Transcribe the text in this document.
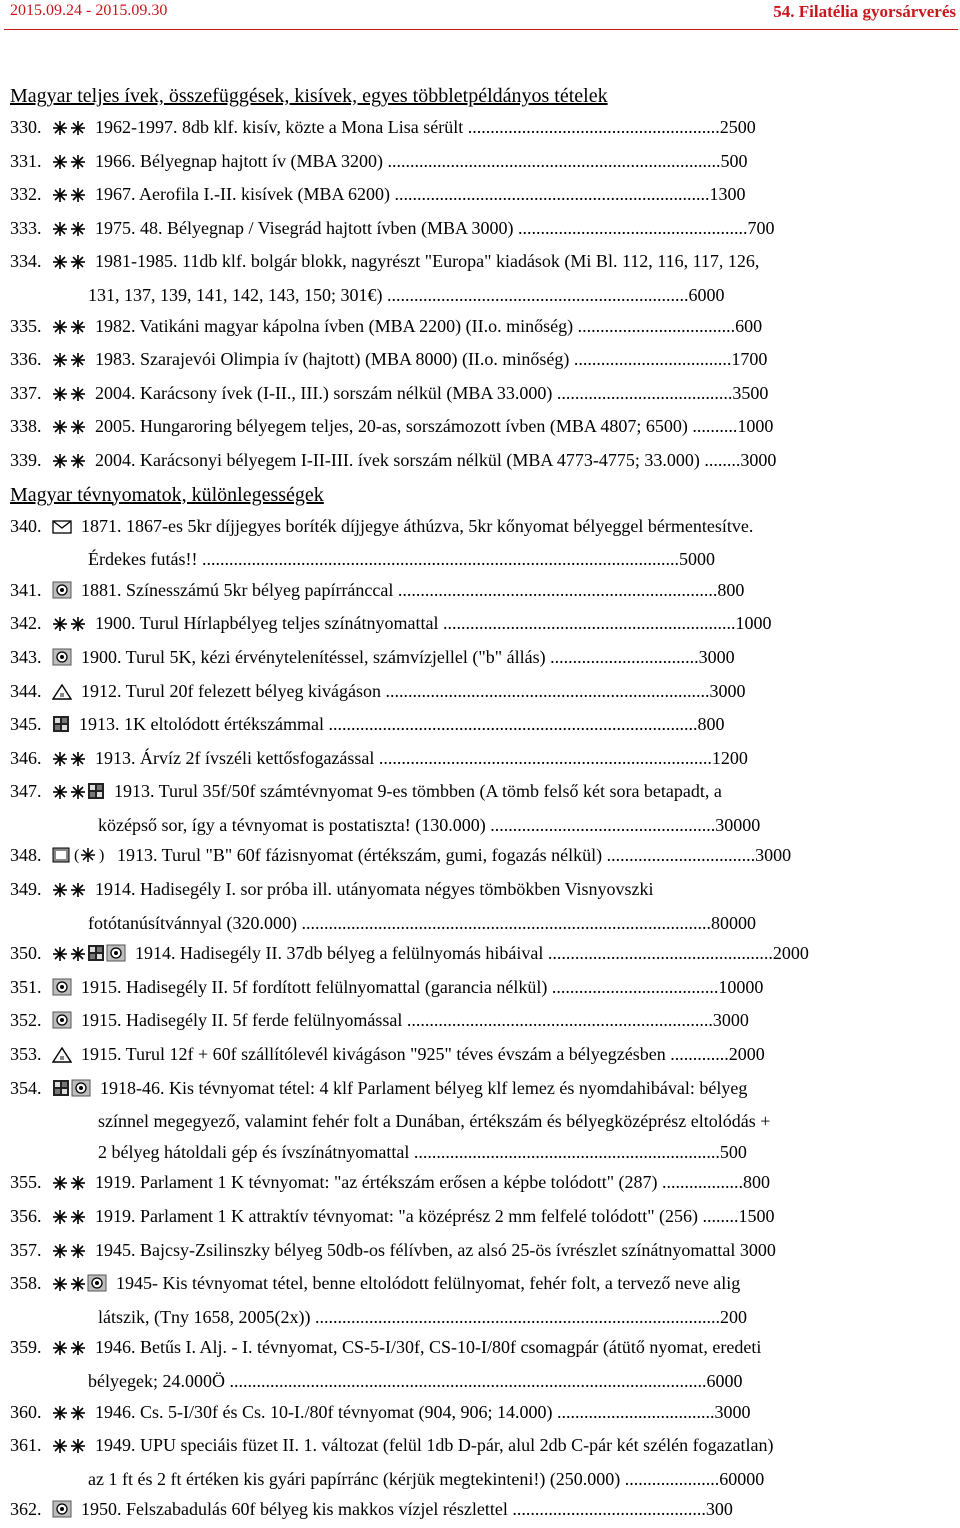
2015.09.24 - 2015.09.30	54. Filatélia gyorsárverés
Magyar teljes ívek, összefüggések, kisívek, egyes többletpéldányos tételek
330.	1962-1997. 8db klf. kisív, közte a Mona Lisa sérült ........................................................2500
331.	1966. Bélyegnap hajtott ív (MBA 3200) ..........................................................................500
332.	1967. Aerofila I.-II. kisívek (MBA 6200) ......................................................................1300
333.	1975. 48. Bélyegnap / Visegrád hajtott ívben (MBA 3000) ...................................................700
334.	1981-1985. 11db klf. bolgár blokk, nagyrészt "Europa" kiadások (Mi Bl. 112, 116, 117, 126,
131, 137, 139, 141, 142, 143, 150; 301€) ...................................................................6000
335.	1982. Vatikáni magyar kápolna ívben (MBA 2200) (II.o. minőség) ...................................600
336.	1983. Szarajevói Olimpia ív (hajtott) (MBA 8000) (II.o. minőség) ...................................1700
337.	2004. Karácsony ívek (I-II., III.) sorszám nélkül (MBA 33.000) .......................................3500
338.	2005. Hungaroring bélyegem teljes, 20-as, sorszámozott ívben (MBA 4807; 6500) ..........1000
339.	2004. Karácsonyi bélyegem I-II-III. ívek sorszám nélkül (MBA 4773-4775; 33.000) ........3000
Magyar tévnyomatok, különlegességek
340. 1871. 1867-es 5kr díjjegyes boríték díjjegye áthúzva, 5kr kőnyomat bélyeggel bérmentesítve.
Érdekes futás!! ..........................................................................................................5000
341. 1881. Színesszámú 5kr bélyeg papírránccal .......................................................................800
342.	1900. Turul Hírlapbélyeg teljes színátnyomattal .................................................................1000
343. 1900. Turul 5K, kézi érvénytelenítéssel, számvízjellel ("b" állás) .................................3000
344. 1912. Turul 20f felezett bélyeg kivágáson ........................................................................3000
345. 1913. 1K eltolódott értékszámmal ..................................................................................800
346.	1913. Árvíz 2f ívszéli kettősfogazással ..........................................................................1200
347.	1913. Turul 35f/50f számtévnyomat 9-es tömbben (A tömb felső két sora betapadt, a
középső sor, így a tévnyomat is postatiszta! (130.000) ..................................................30000
348. ( ) 1913. Turul "B" 60f fázisnyomat (értékszám, gumi, fogazás nélkül) .................................3000
349.	1914. Hadisegély I. sor próba ill. utányomata négyes tömbökben Visnyovszki
fotótanúsítvánnyal (320.000) ...........................................................................................80000
350.	1914. Hadisegély II. 37db bélyeg a felülnyomás hibáival ..................................................2000
351. 1915. Hadisegély II. 5f fordított felülnyomattal (garancia nélkül) .....................................10000
352. 1915. Hadisegély II. 5f ferde felülnyomással ....................................................................3000
353. 1915. Turul 12f + 60f szállítólevél kivágáson "925" téves évszám a bélyegzésben .............2000
354.	1918-46. Kis tévnyomat tétel: 4 klf Parlament bélyeg klf lemez és nyomdahibával: bélyeg
színnel megegyező, valamint fehér folt a Dunában, értékszám és bélyegközéprész eltolódás +
2 bélyeg hátoldali gép és ívszínátnyomattal ....................................................................500
355.	1919. Parlament 1 K tévnyomat: "az értékszám erősen a képbe tolódott" (287) ..................800
356.	1919. Parlament 1 K attraktív tévnyomat: "a középrész 2 mm felfelé tolódott" (256) ........1500
357.	1945. Bajcsy-Zsilinszky bélyeg 50db-os félívben, az alsó 25-ös ívrészlet színátnyomattal 3000
358.	1945- Kis tévnyomat tétel, benne eltolódott felülnyomat, fehér folt, a tervező neve alig
látszik, (Tny 1658, 2005(2x)) ..........................................................................................200
359.	1946. Betűs I. Alj. - I. tévnyomat, CS-5-I/30f, CS-10-I/80f csomagpár (átütő nyomat, eredeti
bélyegek; 24.000Ö ..........................................................................................................6000
360.	1946. Cs. 5-I/30f és Cs. 10-I./80f tévnyomat (904, 906; 14.000) ...................................3000
361.	1949. UPU speciáis füzet II. 1. változat (felül 1db D-pár, alul 2db C-pár két szélén fogazatlan)
az 1 ft és 2 ft értéken kis gyári papírránc (kérjük megtekinteni!) (250.000) .....................60000
362. 1950. Felszabadulás 60f bélyeg kis makkos vízjel részlettel ...........................................300
